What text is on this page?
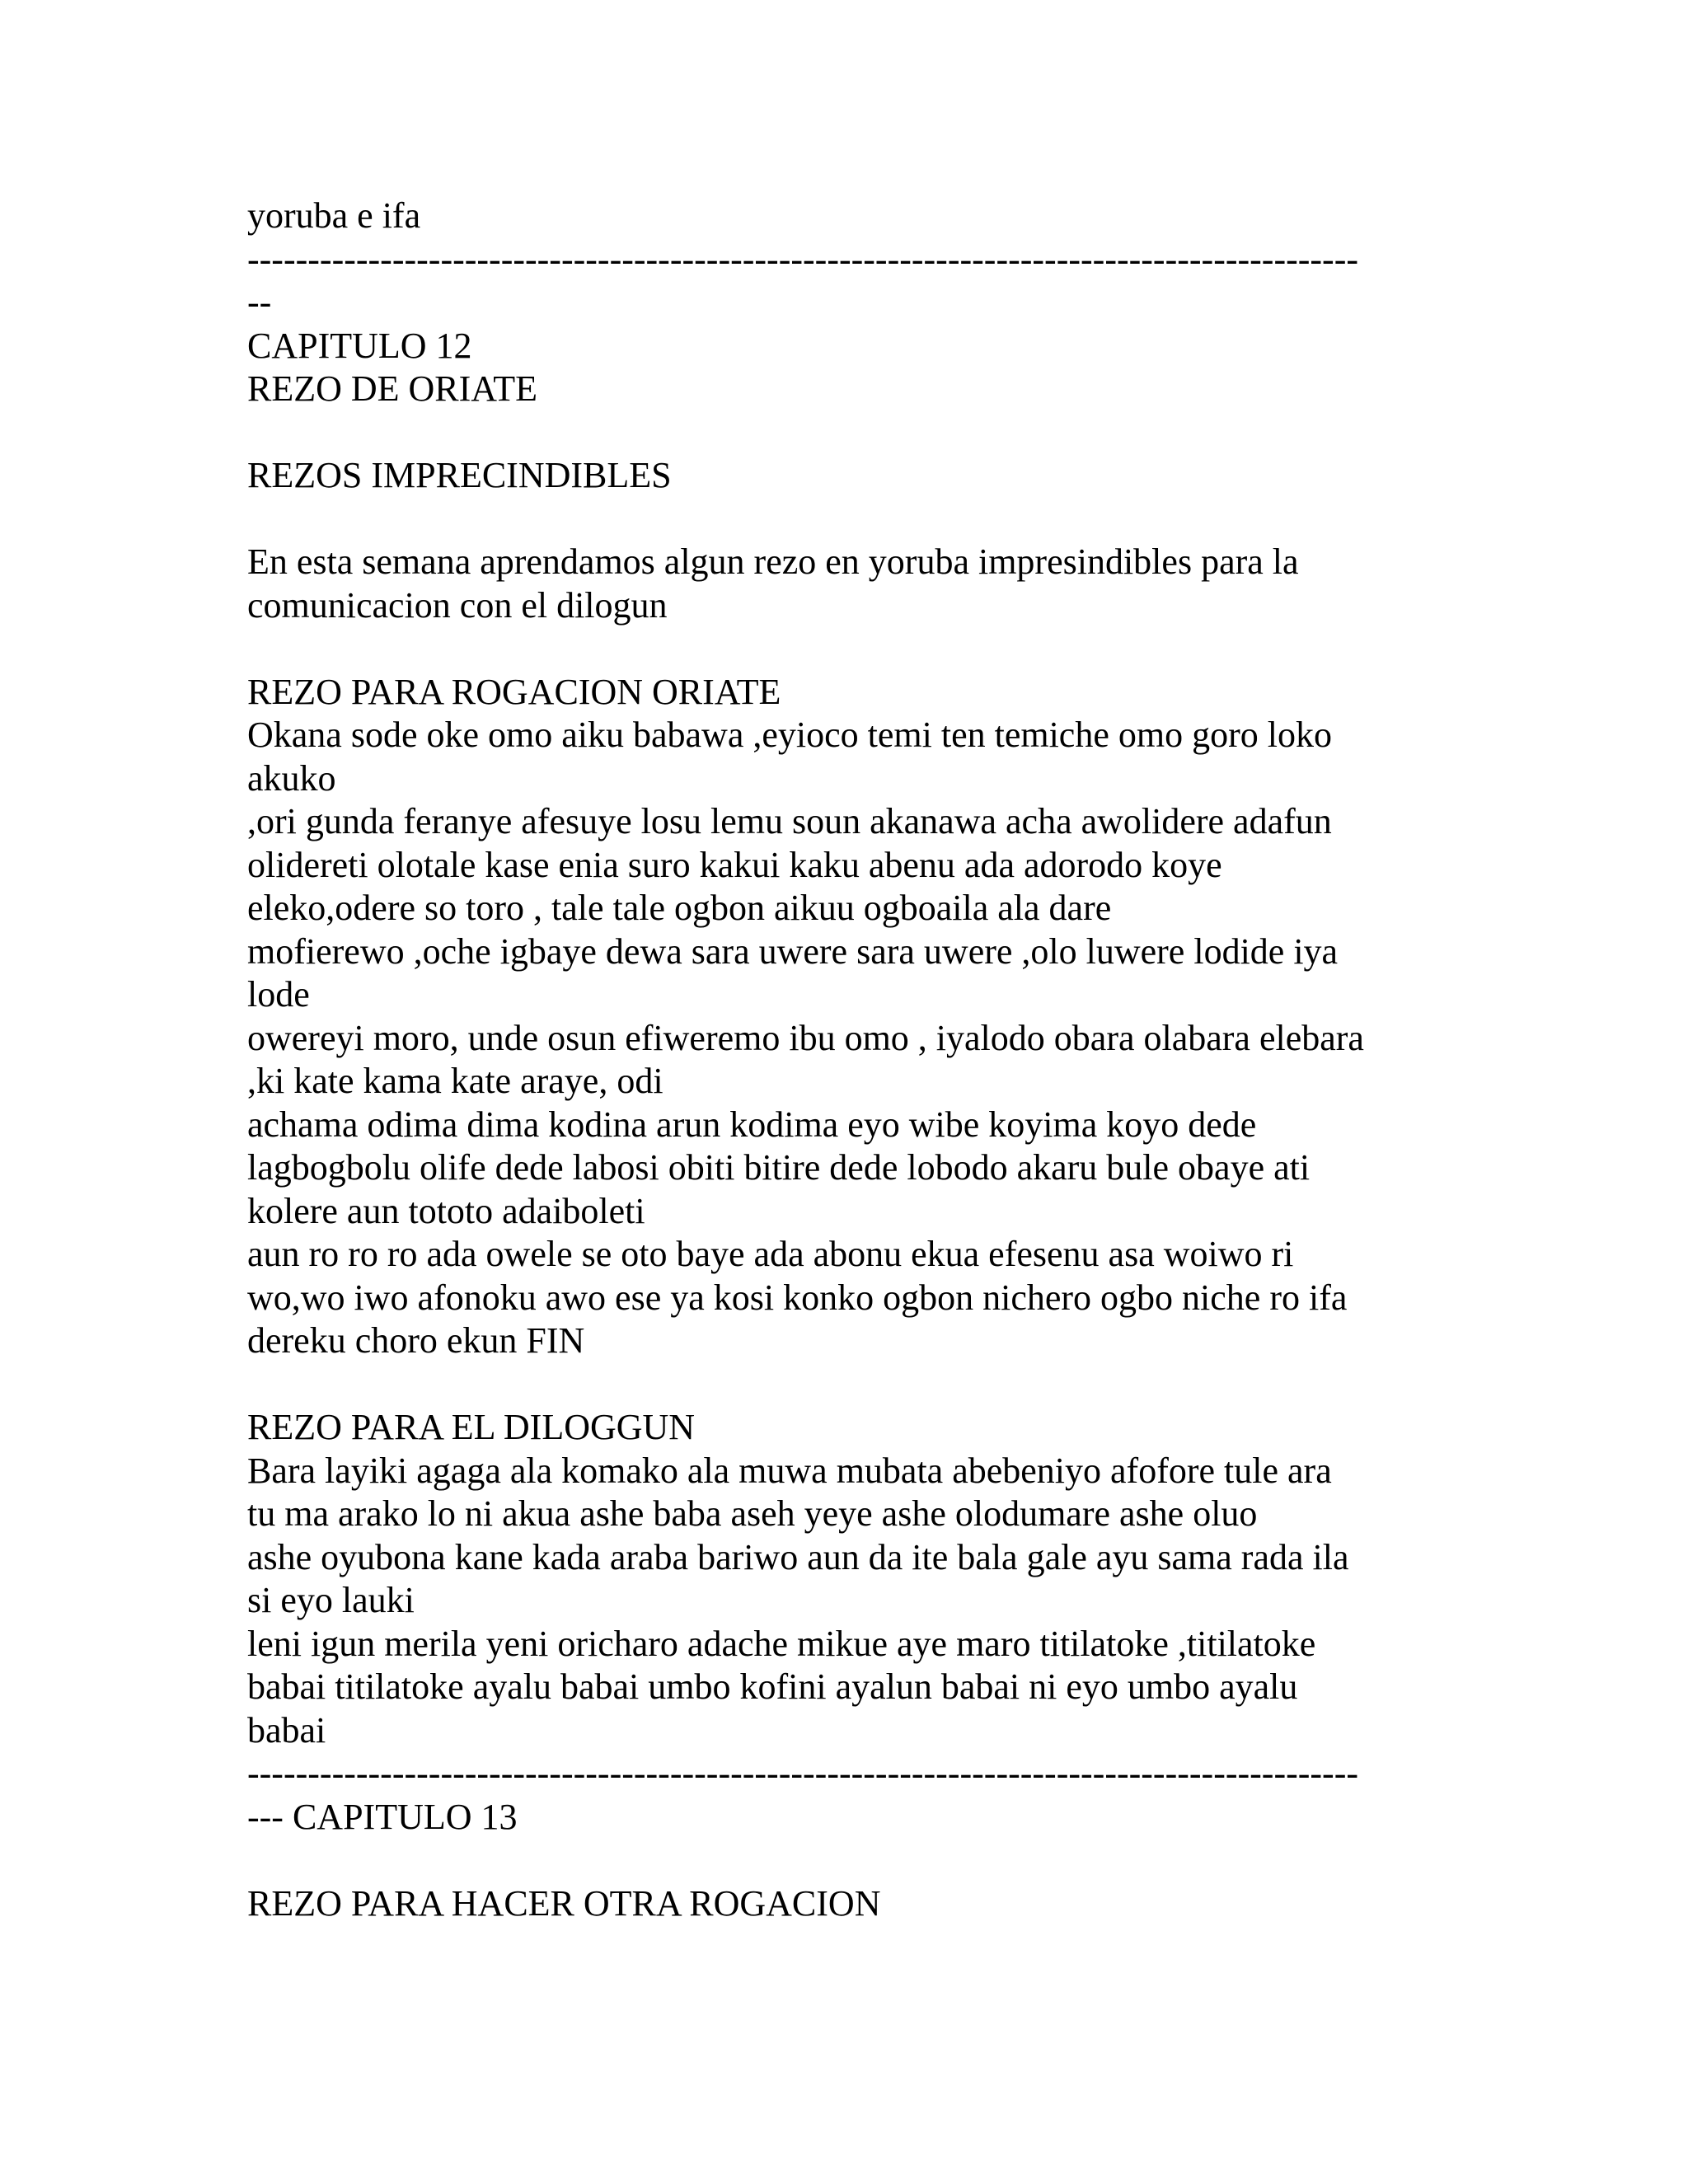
yoruba e ifa
--------------------------------------------------------------------------------------------
--
CAPITULO 12
REZO DE ORIATE
REZOS IMPRECINDIBLES
En esta semana aprendamos algun rezo en yoruba impresindibles para la
comunicacion con el dilogun
REZO PARA ROGACION ORIATE
Okana sode oke omo aiku babawa ,eyioco temi ten temiche omo goro loko
akuko
,ori gunda feranye afesuye losu lemu soun akanawa acha awolidere adafun
olidereti olotale kase enia suro kakui kaku abenu ada adorodo koye
eleko,odere so toro , tale tale ogbon aikuu ogboaila ala dare
mofierewo ,oche igbaye dewa sara uwere sara uwere ,olo luwere lodide iya
lode
owereyi moro, unde osun efiweremo ibu omo , iyalodo obara olabara elebara
,ki kate kama kate araye, odi
achama odima dima kodina arun kodima eyo wibe koyima koyo dede
lagbogbolu olife dede labosi obiti bitire dede lobodo akaru bule obaye ati
kolere aun tototo adaiboleti
aun ro ro ro ada owele se oto baye ada abonu ekua efesenu asa woiwo ri
wo,wo iwo afonoku awo ese ya kosi konko ogbon nichero ogbo niche ro ifa
dereku choro ekun FIN
REZO PARA EL DILOGGUN
Bara layiki agaga ala komako ala muwa mubata abebeniyo afofore tule ara
tu ma arako lo ni akua ashe baba aseh yeye ashe olodumare ashe oluo
ashe oyubona kane kada araba bariwo aun da ite bala gale ayu sama rada ila
si eyo lauki
leni igun merila yeni oricharo adache mikue aye maro titilatoke ,titilatoke
babai titilatoke ayalu babai umbo kofini ayalun babai ni eyo umbo ayalu
babai
--------------------------------------------------------------------------------------------
--- CAPITULO 13
REZO PARA HACER OTRA ROGACION
